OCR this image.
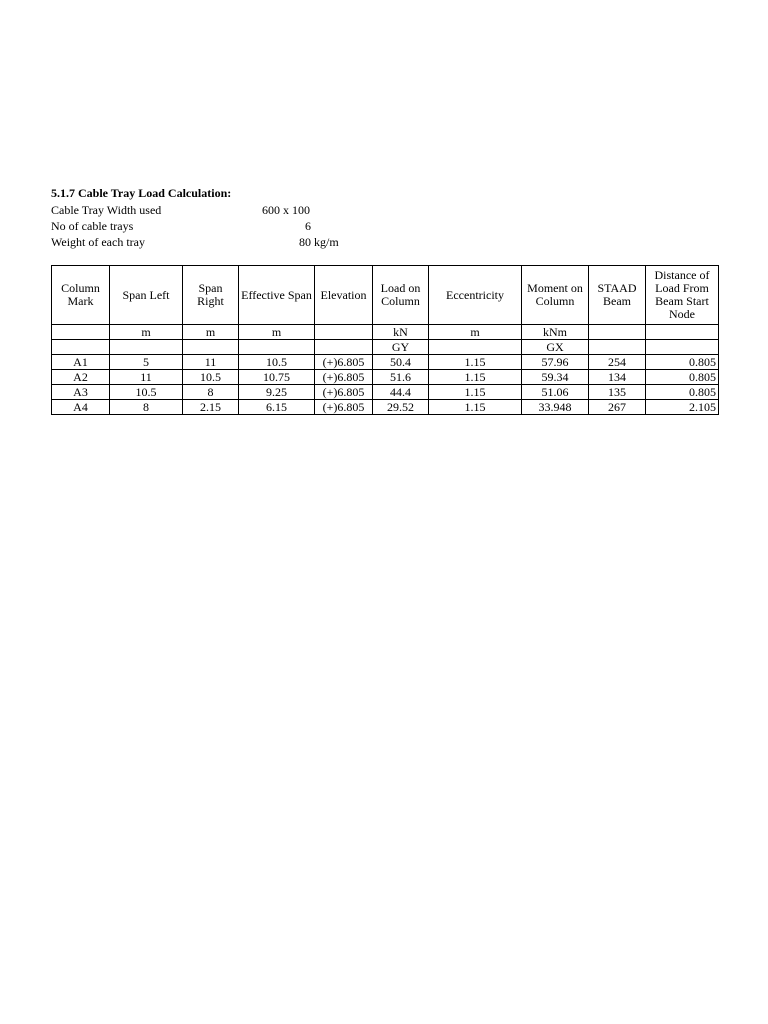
5.1.7 Cable Tray Load Calculation:
Cable Tray Width used	600 x 100
No of cable trays	6
Weight of each tray	80 kg/m
Column Mark	Span Left	Span Right	Effective Span	Elevation	Load on Column	Eccentricity	Moment on Column	STAAD Beam	Distance of Load From Beam Start Node
	m	m	m		kN	m	kNm		
					GY		GX		
A1	5	11	10.5	(+)6.805	50.4	1.15	57.96	254	0.805
A2	11	10.5	10.75	(+)6.805	51.6	1.15	59.34	134	0.805
A3	10.5	8	9.25	(+)6.805	44.4	1.15	51.06	135	0.805
A4	8	2.15	6.15	(+)6.805	29.52	1.15	33.948	267	2.105
